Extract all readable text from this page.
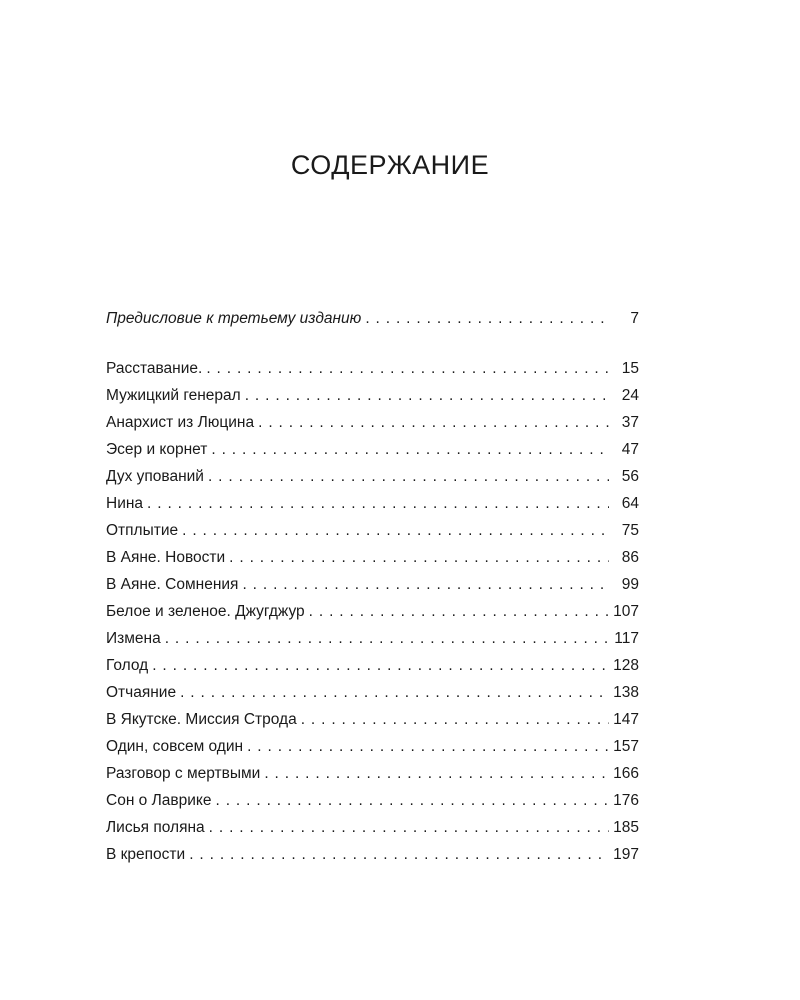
СОДЕРЖАНИЕ
Предисловие к третьему изданию . . .	7
Расставание. . . .	15
Мужицкий генерал . . .	24
Анархист из Люцина . . .	37
Эсер и корнет . . .	47
Дух упований . . .	56
Нина . . .	64
Отплытие . . .	75
В Аяне. Новости . . .	86
В Аяне. Сомнения . . .	99
Белое и зеленое. Джугджур . . .	107
Измена . . .	117
Голод . . .	128
Отчаяние . . .	138
В Якутске. Миссия Строда . . .	147
Один, совсем один . . .	157
Разговор с мертвыми . . .	166
Сон о Лаврике . . .	176
Лисья поляна . . .	185
В крепости . . .	197
